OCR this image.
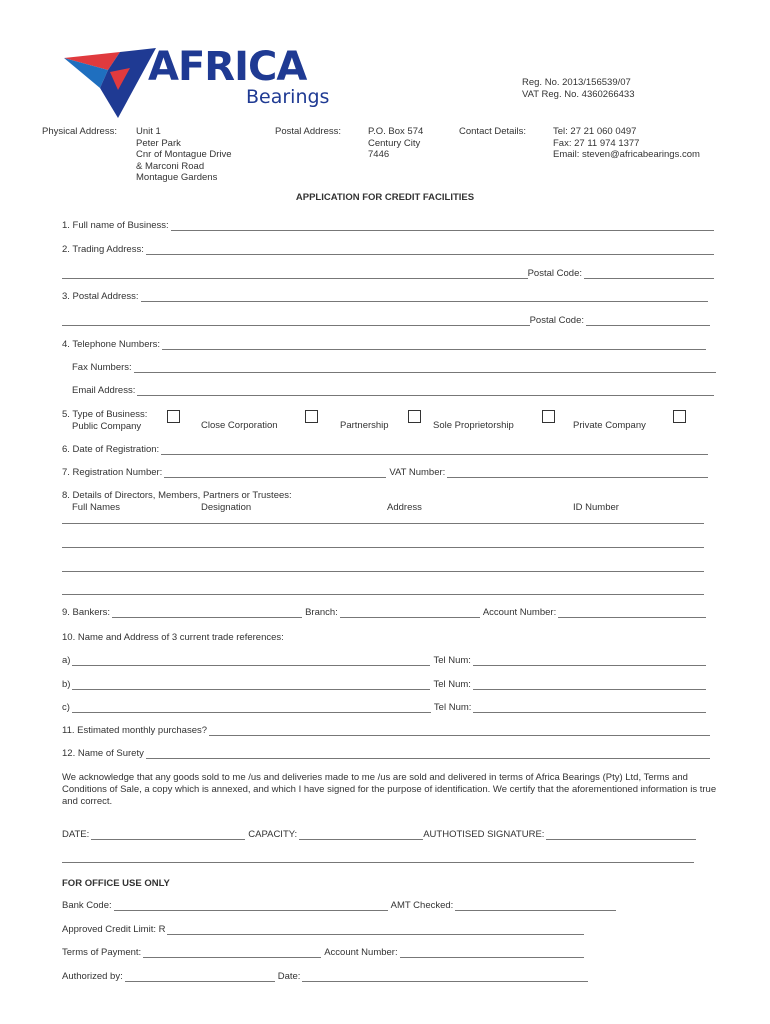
AFRICA
Bearings
Reg. No. 2013/156539/07
VAT Reg. No. 4360266433
Physical Address: Unit 1
Peter Park
Cnr of Montague Drive
& Marconi Road
Montague Gardens
Postal Address:	P.O. Box 574
Century City
7446
Contact Details:	Tel: 27 21 060 0497
Fax: 27 11 974 1377
Email: steven@africabearings.com
APPLICATION FOR CREDIT FACILITIES
1. Full name of Business:
2. Trading Address:
Postal Code:
3. Postal Address:
Postal Code:
4. Telephone Numbers:
Fax Numbers:
Email Address:
5. Type of Business:
Public Company	Close Corporation	Partnership	Sole Proprietorship	Private Company
6. Date of Registration:
7. Registration Number:	VAT Number:
8. Details of Directors, Members, Partners or Trustees:
Full Names	Designation	Address	ID Number
9. Bankers:	Branch:	Account Number:
10. Name and Address of 3 current trade references:
a)	Tel Num:
b)	Tel Num:
c)	Tel Num:
11. Estimated monthly purchases?
12. Name of Surety
We acknowledge that any goods sold to me /us and deliveries made to me /us are sold and delivered in terms of Africa Bearings (Pty) Ltd, Terms and Conditions of Sale, a copy which is annexed, and which I have signed for the purpose of identification. We certify that the aforementioned information is true and correct.
DATE:	CAPACITY:	AUTHOTISED SIGNATURE:
FOR OFFICE USE ONLY
Bank Code:	AMT Checked:
Approved Credit Limit: R
Terms of Payment:	Account Number:
Authorized by:	Date:
